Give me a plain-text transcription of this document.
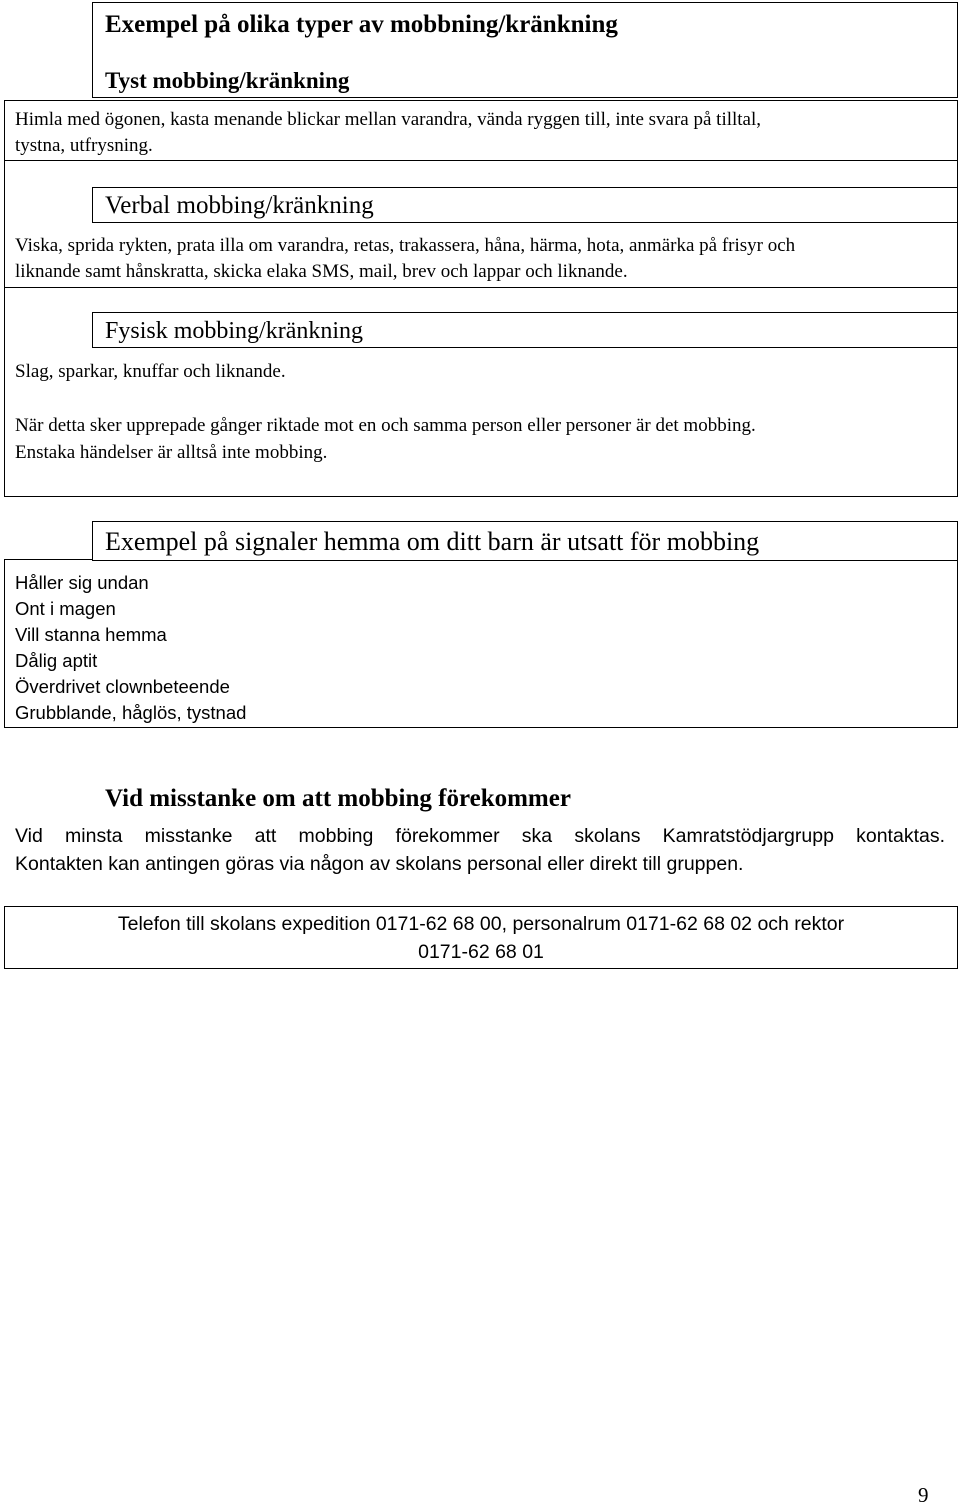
Exempel på olika typer av mobbning/kränkning
Tyst mobbing/kränkning
Himla med ögonen, kasta menande blickar mellan varandra, vända ryggen till, inte svara på tilltal,
tystna, utfrysning.
Verbal mobbing/kränkning
Viska, sprida rykten, prata illa om varandra, retas, trakassera, håna, härma, hota, anmärka på frisyr och
liknande samt hånskratta, skicka elaka SMS, mail, brev och lappar och liknande.
Fysisk mobbing/kränkning
Slag, sparkar, knuffar och liknande.
När detta sker upprepade gånger riktade mot en och samma person eller personer är det mobbing.
Enstaka händelser är alltså inte mobbing.
Exempel på signaler hemma om ditt barn är utsatt för mobbing
Håller sig undan
Ont i magen
Vill stanna hemma
Dålig aptit
Överdrivet clownbeteende
Grubblande, håglös, tystnad
Vid misstanke om att mobbing förekommer
Vid minsta misstanke att mobbing förekommer ska skolans Kamratstödjargrupp kontaktas.
Kontakten kan antingen göras via någon av skolans personal eller direkt till gruppen.
Telefon till skolans expedition 0171-62 68 00, personalrum 0171-62 68 02 och rektor
0171-62 68 01
9
